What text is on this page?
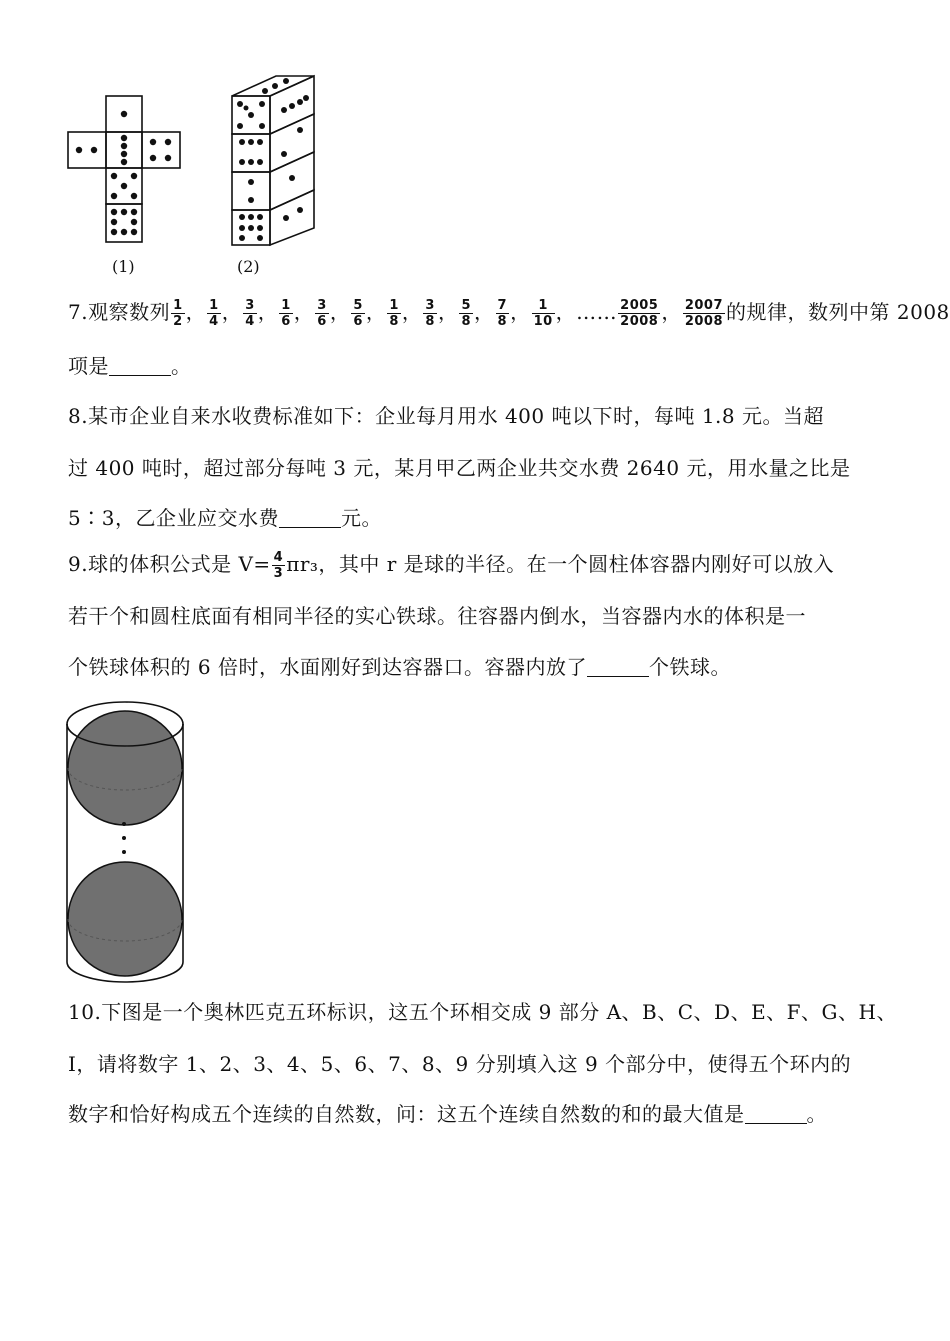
(1)	(2)
7.观察数列 $\frac{1}{2}$ ， $\frac{1}{4}$ ， $\frac{3}{4}$ ， $\frac{1}{6}$ ， $\frac{3}{6}$ ， $\frac{5}{6}$ ， $\frac{1}{8}$ ， $\frac{3}{8}$ ， $\frac{5}{8}$ ， $\frac{7}{8}$ ， $\frac{1}{10}$ ，…… $\frac{2005}{2008}$ ， $\frac{2007}{2008}$ 的规律，数列中第 2008
项是	。
8.某市企业自来水收费标准如下：企业每月用水 400 吨以下时，每吨 1.8 元。当超
过 400 吨时，超过部分每吨 3 元，某月甲乙两企业共交水费 2640 元，用水量之比是
5∶3，乙企业应交水费	元。
9.球的体积公式是 $V= \frac{4}{3} \pi r_3$，其中 r 是球的半径。在一个圆柱体容器内刚好可以放入
若干个和圆柱底面有相同半径的实心铁球。往容器内倒水，当容器内水的体积是一
个铁球体积的 6 倍时，水面刚好到达容器口。容器内放了	个铁球。
10.下图是一个奥林匹克五环标识，这五个环相交成 9 部分 A、B、C、D、E、F、G、H、
I，请将数字 1、2、3、4、5、6、7、8、9 分别填入这 9 个部分中，使得五个环内的
数字和恰好构成五个连续的自然数，问：这五个连续自然数的和的最大值是	。
